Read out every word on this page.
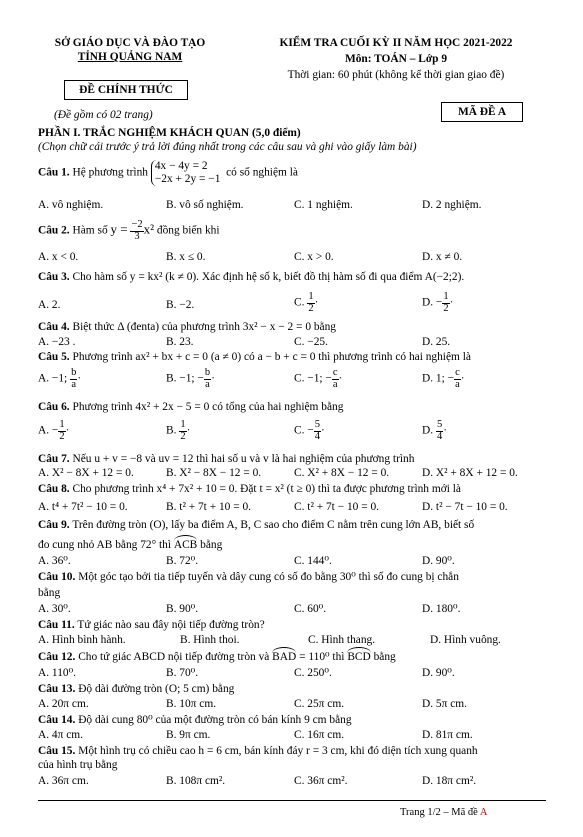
SỞ GIÁO DỤC VÀ ĐÀO TẠO
TỈNH QUẢNG NAM
ĐỀ CHÍNH THỨC
(Đề gồm có 02 trang)
KIỂM TRA CUỐI KỲ II NĂM HỌC 2021-2022
Môn: TOÁN – Lớp 9
Thời gian: 60 phút (không kể thời gian giao đề)
MÃ ĐỀ A
PHẦN I. TRẮC NGHIỆM KHÁCH QUAN (5,0 điểm)
(Chọn chữ cái trước ý trả lời đúng nhất trong các câu sau và ghi vào giấy làm bài)
Câu 1. Hệ phương trình 4x − 4y = 2
−2x + 2y = −1  có số nghiệm là
A. vô nghiệm.	B. vô số nghiệm.	C. 1 nghiệm.	D. 2 nghiệm.
Câu 2. Hàm số $y = \frac{-2}{3} x^2$ đồng biến khi
A. x < 0.	B. x ≤ 0.	C. x > 0.	D. x ≠ 0.
Câu 3. Cho hàm số y = kx² (k ≠ 0). Xác định hệ số k, biết đồ thị hàm số đi qua điểm A(−2;2).
A. 2.	B. −2.	C. $\frac{1}{2}$ ·	D. − $\frac{1}{2}$ ·
Câu 4. Biệt thức Δ (đenta) của phương trình 3x² − x − 2 = 0 bằng
A. −23 .	B. 23.	C. −25.	D. 25.
Câu 5. Phương trình ax² + bx + c = 0 (a ≠ 0) có a − b + c = 0 thì phương trình có hai nghiệm là
A. −1; $\frac{b}{a}$ ·	B. −1; − $\frac{b}{a}$ ·	C. −1; − $\frac{c}{a}$ ·	D. 1; − $\frac{c}{a}$ ·
Câu 6. Phương trình 4x² + 2x − 5 = 0 có tổng của hai nghiệm bằng
A. − $\frac{1}{2}$ ·	B. $\frac{1}{2}$ ·	C. − $\frac{5}{4}$ ·	D. $\frac{5}{4}$ ·
Câu 7. Nếu u + v = −8 và uv = 12 thì hai số u và v là hai nghiệm của phương trình
A. X² − 8X + 12 = 0.	B. X² − 8X − 12 = 0.	C. X² + 8X − 12 = 0.	D. X² + 8X + 12 = 0.
Câu 8. Cho phương trình x⁴ + 7x² + 10 = 0. Đặt t = x² (t ≥ 0) thì ta được phương trình mới là
A. t⁴ + 7t² − 10 = 0.	B. t² + 7t + 10 = 0.	C. t² + 7t − 10 = 0.	D. t² − 7t − 10 = 0.
Câu 9. Trên đường tròn (O), lấy ba điểm A, B, C sao cho điểm C nằm trên cung lớn AB, biết số
đo cung nhỏ AB bằng 72° thì ACB bằng
A. 36⁰.	B. 72⁰.	C. 144⁰.	D. 90⁰.
Câu 10. Một góc tạo bởi tia tiếp tuyến và dây cung có số đo bằng 30⁰ thì số đo cung bị chắn
bằng
A. 30⁰.	B. 90⁰.	C. 60⁰.	D. 180⁰.
Câu 11. Tứ giác nào sau đây nội tiếp đường tròn?
A. Hình bình hành.	B. Hình thoi.	C. Hình thang.	D. Hình vuông.
Câu 12. Cho tứ giác ABCD nội tiếp đường tròn và BAD = 110⁰ thì BCD bằng
A. 110⁰.	B. 70⁰.	C. 250⁰.	D. 90⁰.
Câu 13. Độ dài đường tròn (O; 5 cm) bằng
A. 20π cm.	B. 10π cm.	C. 25π cm.	D. 5π cm.
Câu 14. Độ dài cung 80⁰ của một đường tròn có bán kính 9 cm bằng
A. 4π cm.	B. 9π cm.	C. 16π cm.	D. 81π cm.
Câu 15. Một hình trụ có chiều cao h = 6 cm, bán kính đáy r = 3 cm, khi đó diện tích xung quanh
của hình trụ bằng
A. 36π cm.	B. 108π cm².	C. 36π cm².	D. 18π cm².
Trang 1/2 – Mã đề A
